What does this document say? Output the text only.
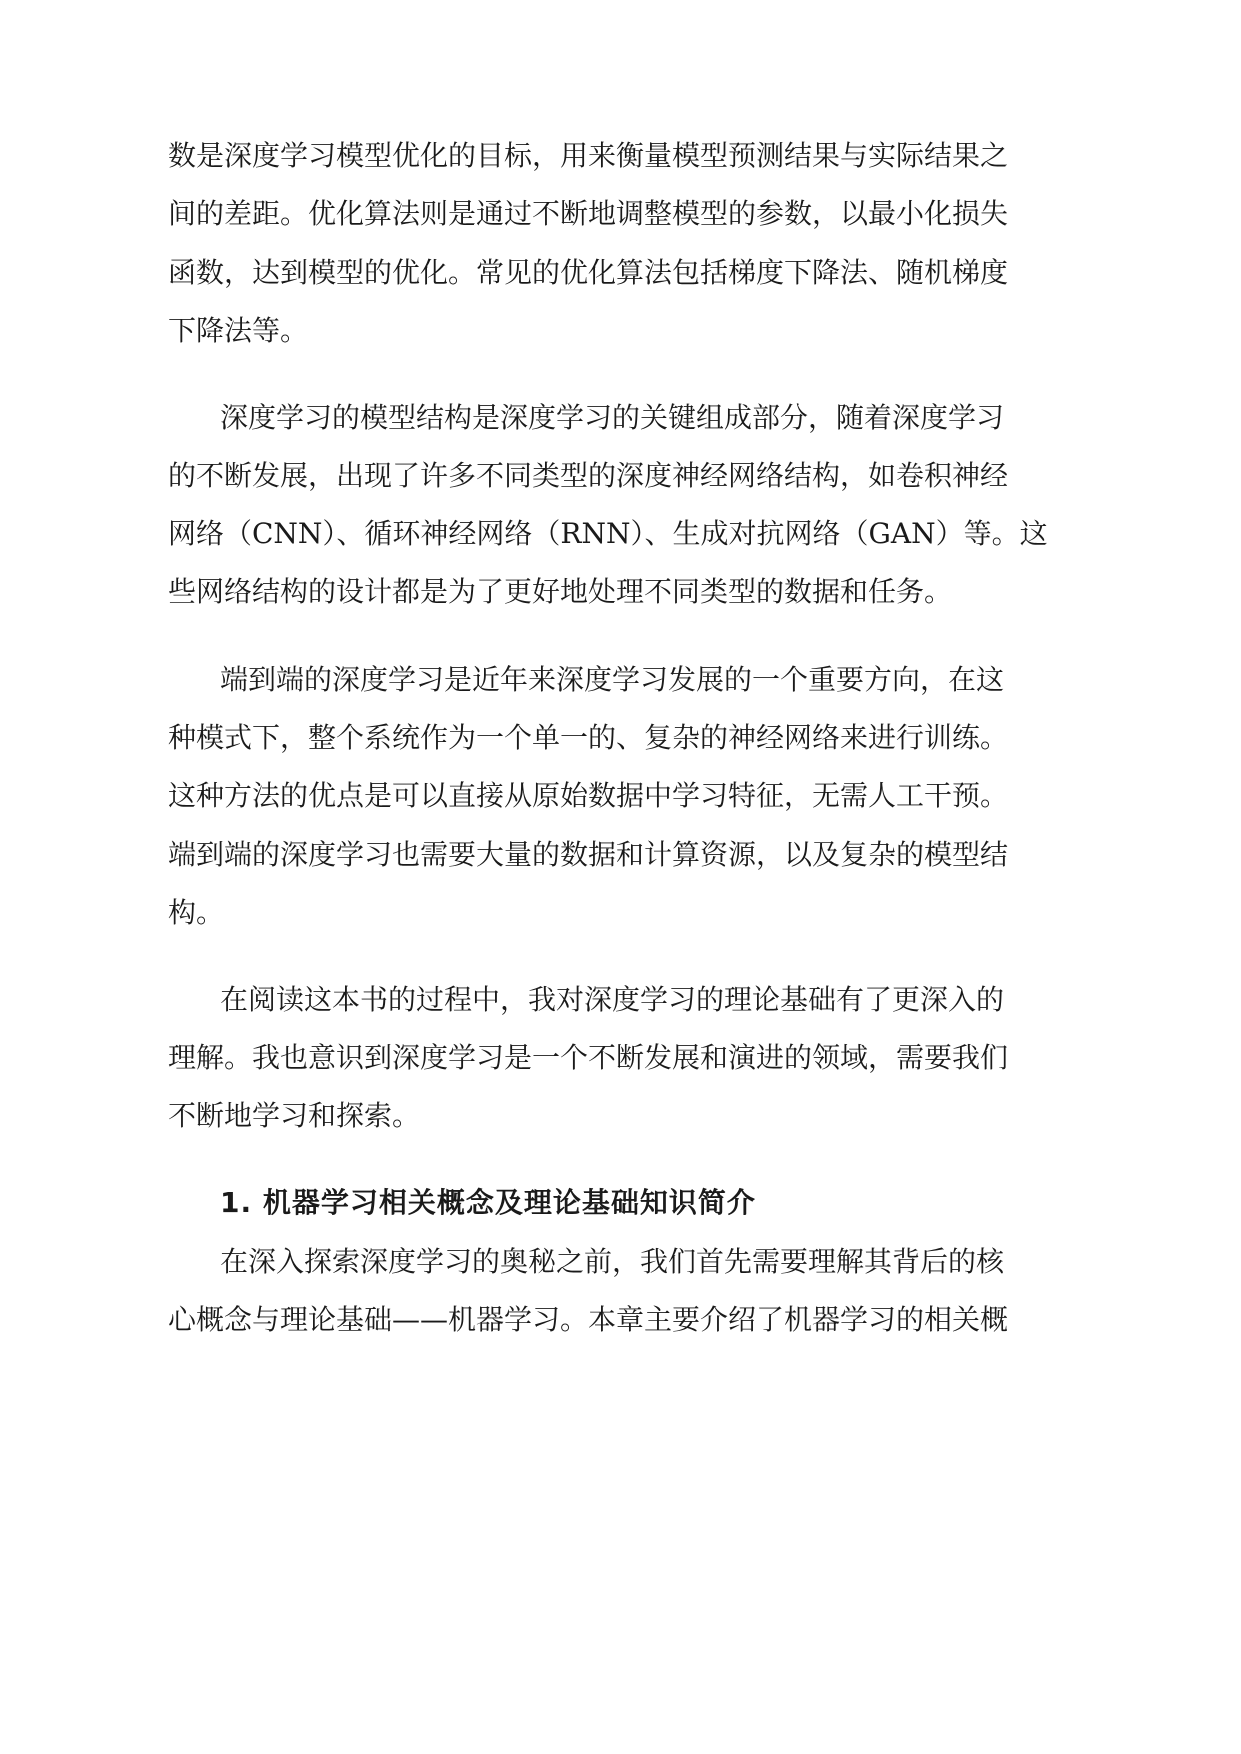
数是深度学习模型优化的目标，用来衡量模型预测结果与实际结果之
间的差距。优化算法则是通过不断地调整模型的参数，以最小化损失
函数，达到模型的优化。常见的优化算法包括梯度下降法、随机梯度
下降法等。
深度学习的模型结构是深度学习的关键组成部分，随着深度学习
的不断发展，出现了许多不同类型的深度神经网络结构，如卷积神经
网络（CNN）、循环神经网络（RNN）、生成对抗网络（GAN）等。这
些网络结构的设计都是为了更好地处理不同类型的数据和任务。
端到端的深度学习是近年来深度学习发展的一个重要方向，在这
种模式下，整个系统作为一个单一的、复杂的神经网络来进行训练。
这种方法的优点是可以直接从原始数据中学习特征，无需人工干预。
端到端的深度学习也需要大量的数据和计算资源，以及复杂的模型结
构。
在阅读这本书的过程中，我对深度学习的理论基础有了更深入的
理解。我也意识到深度学习是一个不断发展和演进的领域，需要我们
不断地学习和探索。
1. 机器学习相关概念及理论基础知识简介
在深入探索深度学习的奥秘之前，我们首先需要理解其背后的核
心概念与理论基础——机器学习。本章主要介绍了机器学习的相关概
